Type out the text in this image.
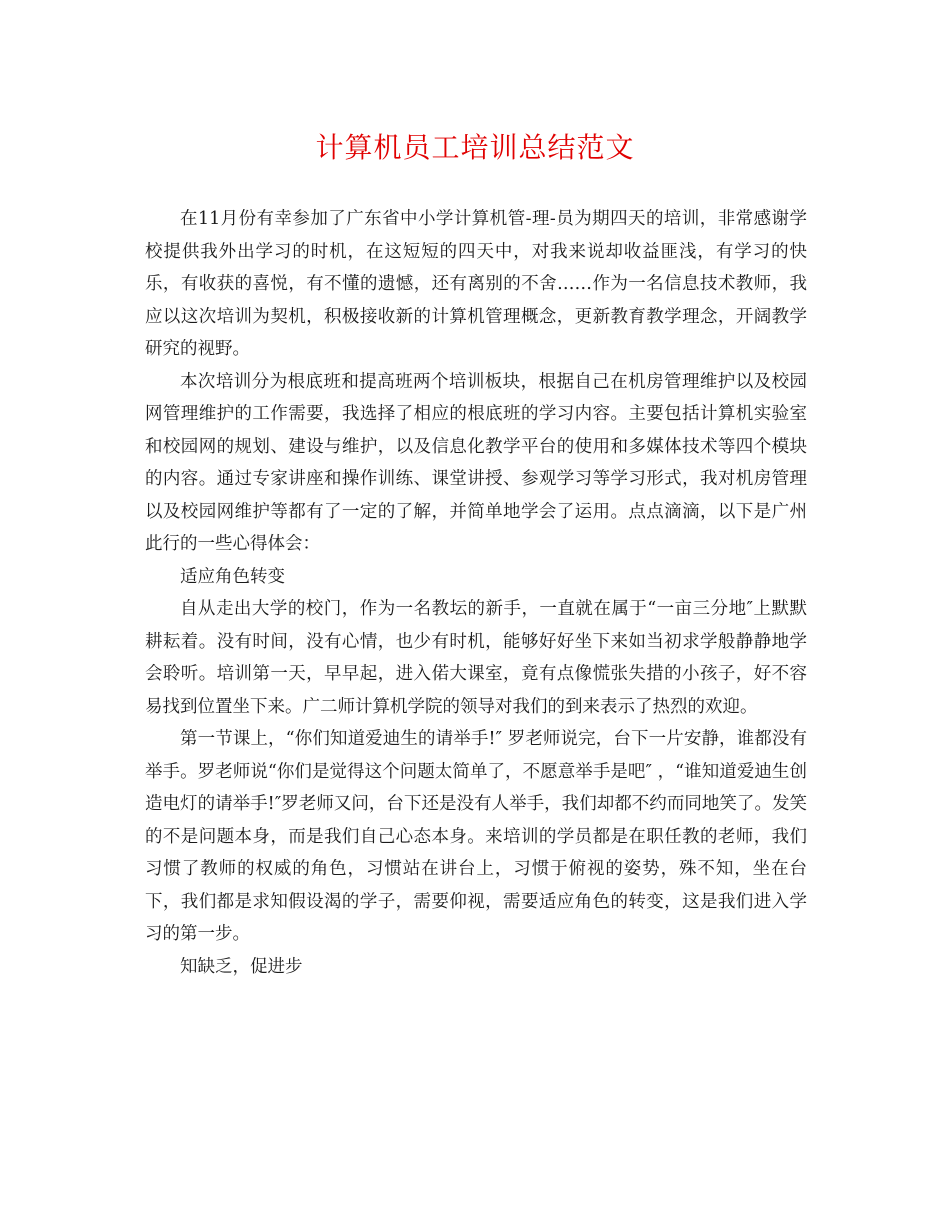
计算机员工培训总结范文

在11月份有幸参加了广东省中小学计算机管-理-员为期四天的培训，非常感谢学校提供我外出学习的时机，在这短短的四天中，对我来说却收益匪浅，有学习的快乐，有收获的喜悦，有不懂的遗憾，还有离别的不舍……作为一名信息技术教师，我应以这次培训为契机，积极接收新的计算机管理概念，更新教育教学理念，开阔教学研究的视野。

本次培训分为根底班和提高班两个培训板块，根据自己在机房管理维护以及校园网管理维护的工作需要，我选择了相应的根底班的学习内容。主要包括计算机实验室和校园网的规划、建设与维护，以及信息化教学平台的使用和多媒体技术等四个模块的内容。通过专家讲座和操作训练、课堂讲授、参观学习等学习形式，我对机房管理以及校园网维护等都有了一定的了解，并简单地学会了运用。点点滴滴，以下是广州此行的一些心得体会：

适应角色转变

自从走出大学的校门，作为一名教坛的新手，一直就在属于“一亩三分地″上默默耕耘着。没有时间，没有心情，也少有时机，能够好好坐下来如当初求学般静静地学会聆听。培训第一天，早早起，进入偌大课室，竟有点像慌张失措的小孩子，好不容易找到位置坐下来。广二师计算机学院的领导对我们的到来表示了热烈的欢迎。

第一节课上，“你们知道爱迪生的请举手!″ 罗老师说完，台下一片安静，谁都没有举手。罗老师说“你们是觉得这个问题太简单了，不愿意举手是吧″ ，“谁知道爱迪生创造电灯的请举手!″罗老师又问，台下还是没有人举手，我们却都不约而同地笑了。发笑的不是问题本身，而是我们自己心态本身。来培训的学员都是在职任教的老师，我们习惯了教师的权威的角色，习惯站在讲台上，习惯于俯视的姿势，殊不知，坐在台下，我们都是求知假设渴的学子，需要仰视，需要适应角色的转变，这是我们进入学习的第一步。

知缺乏，促进步
